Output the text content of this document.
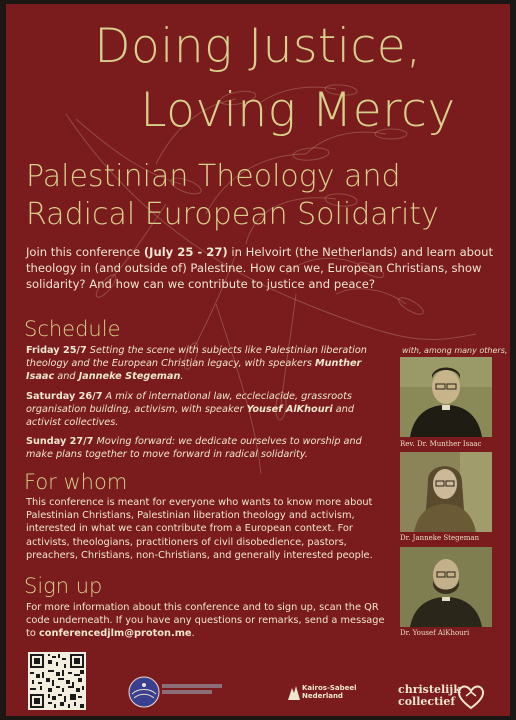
Doing Justice,
Loving Mercy
Palestinian Theology and
Radical European Solidarity

Join this conference (July 25 - 27) in Helvoirt (the Netherlands) and learn about theology in (and outside of) Palestine. How can we, European Christians, show solidarity? And how can we contribute to justice and peace?

Schedule

Friday 25/7 Setting the scene with subjects like Palestinian liberation theology and the European Christian legacy, with speakers Munther Isaac and Janneke Stegeman.

Saturday 26/7 A mix of international law, eccleciacide, grassroots organisation building, activism, with speaker Yousef AlKhouri and activist collectives.

Sunday 27/7 Moving forward: we dedicate ourselves to worship and make plans together to move forward in radical solidarity.

For whom

This conference is meant for everyone who wants to know more about Palestinian Christians, Palestinian liberation theology and activism, interested in what we can contribute from a European context. For activists, theologians, practitioners of civil disobedience, pastors, preachers, Christians, non-Christians, and generally interested people.

Sign up

For more information about this conference and to sign up, scan the QR code underneath. If you have any questions or remarks, send a message to conferencedjlm@proton.me.

with, among many others,
Rev. Dr. Munther Isaac
Dr. Janneke Stegeman
Dr. Yousef AlKhouri
Kairos-Sabeel
Nederland	christelijk
collectief
